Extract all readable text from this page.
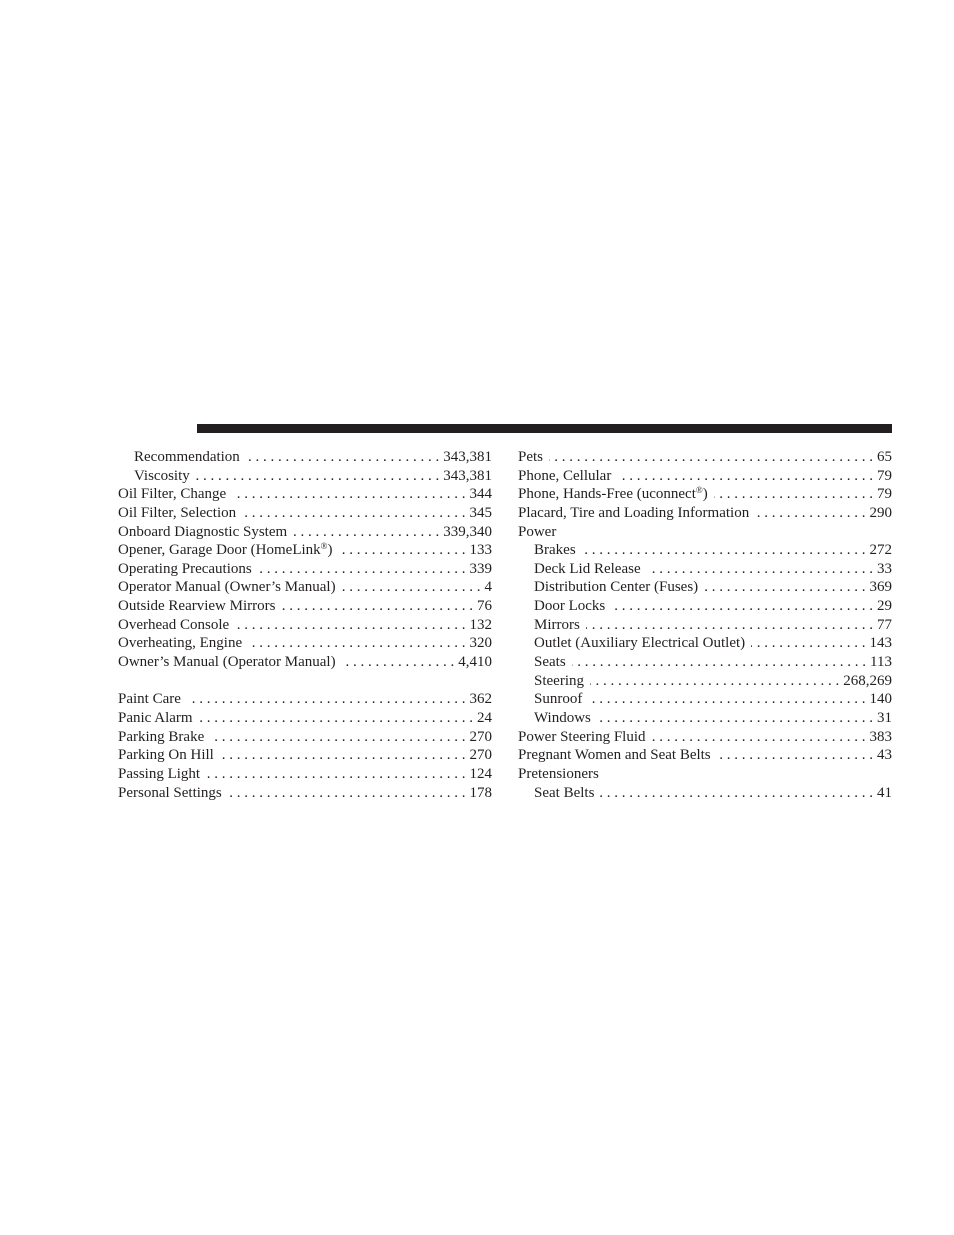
Recommendation . . .	343,381
Viscosity . . .	343,381
Oil Filter, Change . . .	344
Oil Filter, Selection . . .	345
Onboard Diagnostic System . . .	339,340
Opener, Garage Door (HomeLink®) . . .	133
Operating Precautions . . .	339
Operator Manual (Owner’s Manual) . . .	4
Outside Rearview Mirrors . . .	76
Overhead Console . . .	132
Overheating, Engine . . .	320
Owner’s Manual (Operator Manual) . . .	4,410
Paint Care . . .	362
Panic Alarm . . .	24
Parking Brake . . .	270
Parking On Hill . . .	270
Passing Light . . .	124
Personal Settings . . .	178
Pets . . .	65
Phone, Cellular . . .	79
Phone, Hands-Free (uconnect®) . . .	79
Placard, Tire and Loading Information . . .	290
Power
Brakes . . .	272
Deck Lid Release . . .	33
Distribution Center (Fuses) . . .	369
Door Locks . . .	29
Mirrors . . .	77
Outlet (Auxiliary Electrical Outlet) . . .	143
Seats . . .	113
Steering . . .	268,269
Sunroof . . .	140
Windows . . .	31
Power Steering Fluid . . .	383
Pregnant Women and Seat Belts . . .	43
Pretensioners
Seat Belts . . .	41
